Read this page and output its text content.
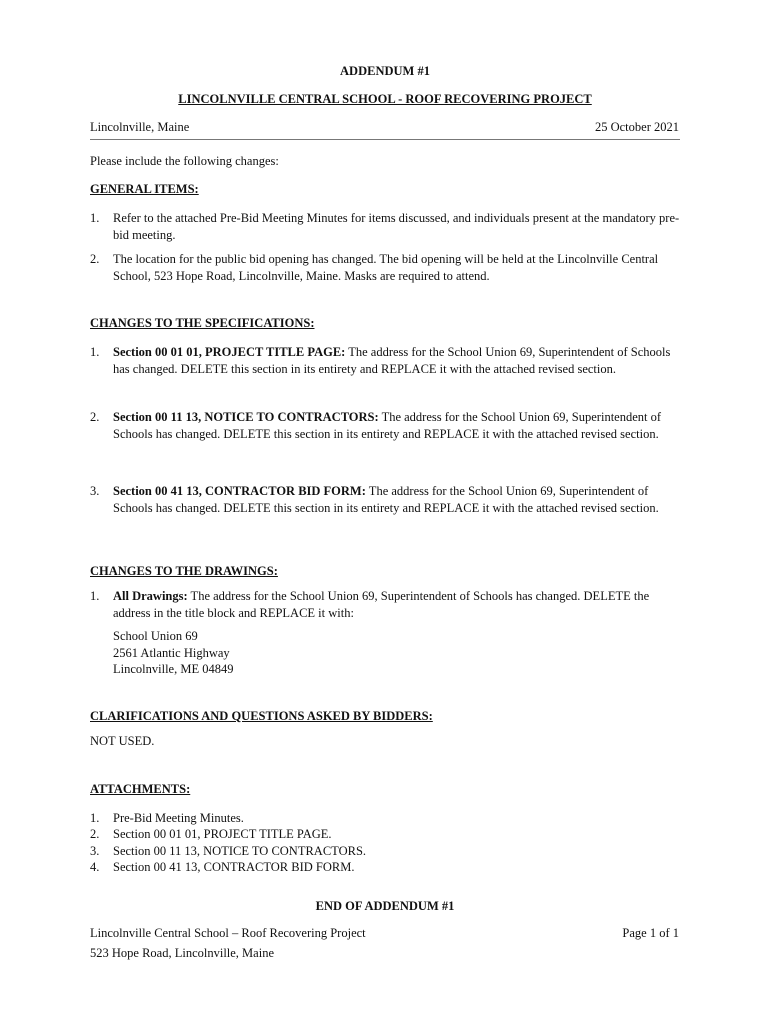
ADDENDUM #1
LINCOLNVILLE CENTRAL SCHOOL - ROOF RECOVERING PROJECT
Lincolnville, Maine	25 October 2021
Please include the following changes:
GENERAL ITEMS:
1. Refer to the attached Pre-Bid Meeting Minutes for items discussed, and individuals present at the mandatory pre-bid meeting.
2. The location for the public bid opening has changed. The bid opening will be held at the Lincolnville Central School, 523 Hope Road, Lincolnville, Maine. Masks are required to attend.
CHANGES TO THE SPECIFICATIONS:
1. Section 00 01 01, PROJECT TITLE PAGE: The address for the School Union 69, Superintendent of Schools has changed. DELETE this section in its entirety and REPLACE it with the attached revised section.
2. Section 00 11 13, NOTICE TO CONTRACTORS: The address for the School Union 69, Superintendent of Schools has changed. DELETE this section in its entirety and REPLACE it with the attached revised section.
3. Section 00 41 13, CONTRACTOR BID FORM: The address for the School Union 69, Superintendent of Schools has changed. DELETE this section in its entirety and REPLACE it with the attached revised section.
CHANGES TO THE DRAWINGS:
1. All Drawings: The address for the School Union 69, Superintendent of Schools has changed. DELETE the address in the title block and REPLACE it with:
School Union 69
2561 Atlantic Highway
Lincolnville, ME 04849
CLARIFICATIONS AND QUESTIONS ASKED BY BIDDERS:
NOT USED.
ATTACHMENTS:
1. Pre-Bid Meeting Minutes.
2. Section 00 01 01, PROJECT TITLE PAGE.
3. Section 00 11 13, NOTICE TO CONTRACTORS.
4. Section 00 41 13, CONTRACTOR BID FORM.
END OF ADDENDUM #1
Lincolnville Central School – Roof Recovering Project	Page 1 of 1
523 Hope Road, Lincolnville, Maine
